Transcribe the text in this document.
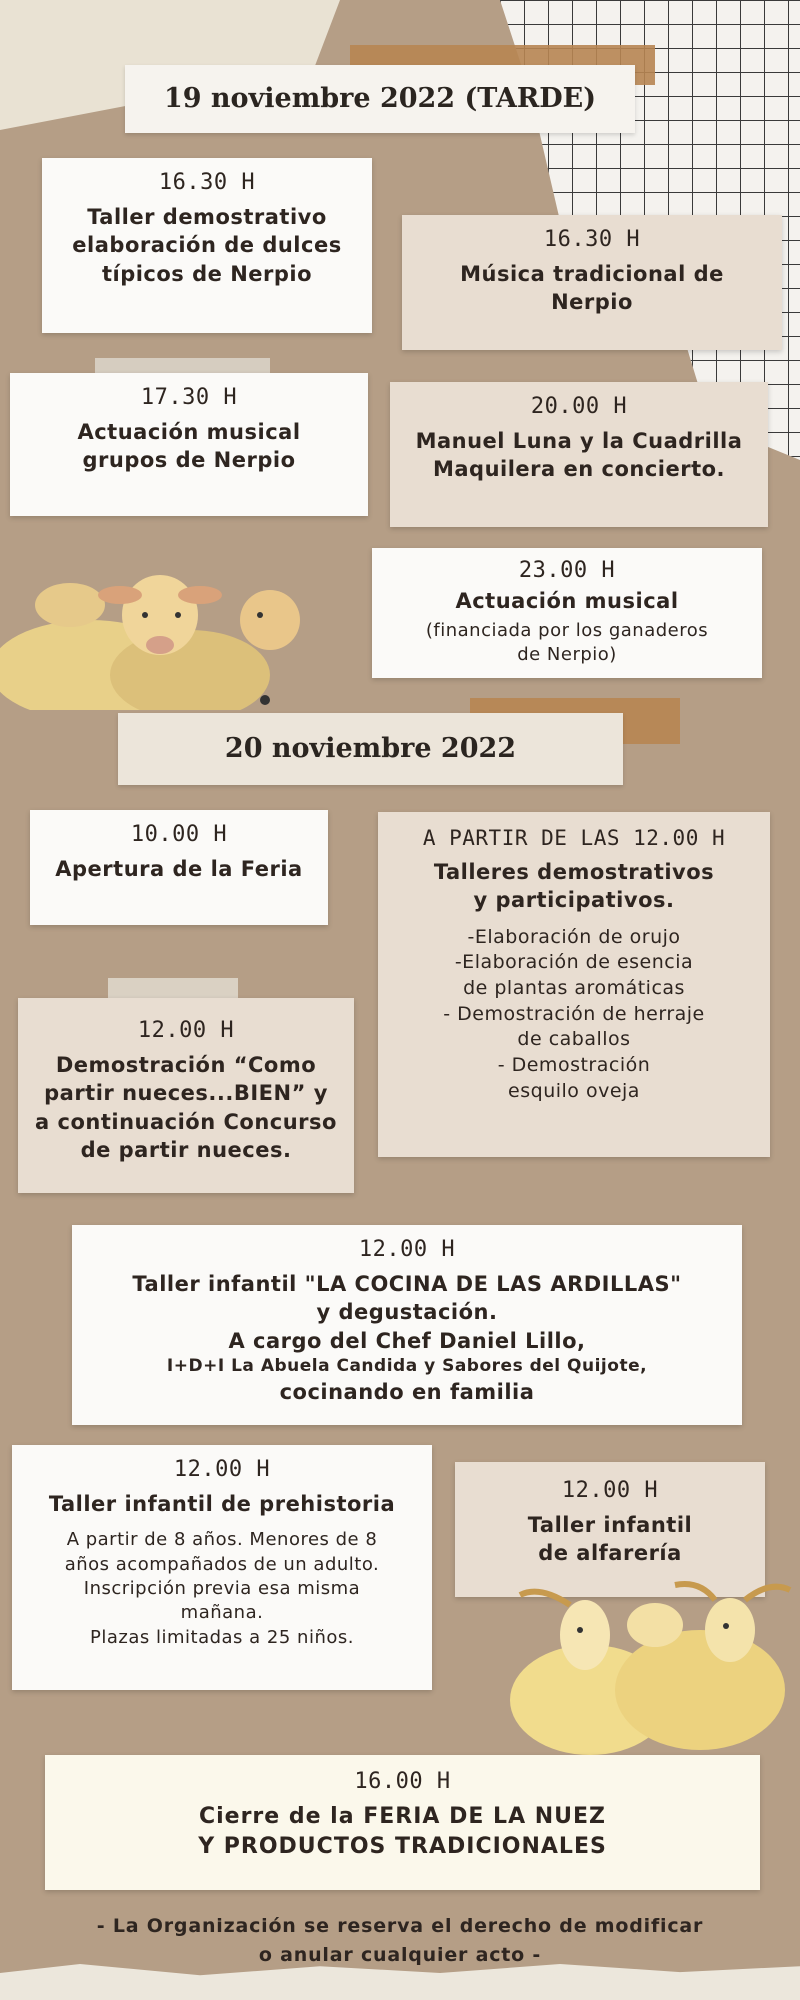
19 noviembre 2022 (TARDE)
16.30 H
Taller demostrativo
elaboración de dulces
típicos de Nerpio
16.30 H
Música tradicional de
Nerpio
17.30 H
Actuación musical
grupos de Nerpio
20.00 H
Manuel Luna y la Cuadrilla
Maquilera en concierto.
23.00 H
Actuación musical
(financiada por los ganaderos
de Nerpio)
20 noviembre 2022
10.00 H
Apertura de la Feria
A PARTIR DE LAS 12.00 H
Talleres demostrativos
y participativos.
-Elaboración de orujo
-Elaboración de esencia
de plantas aromáticas
- Demostración de herraje
de caballos
- Demostración
esquilo oveja
12.00 H
Demostración “Como
partir nueces...BIEN” y
a continuación Concurso
de partir nueces.
12.00 H
Taller infantil "LA COCINA DE LAS ARDILLAS"
y degustación.
A cargo del Chef Daniel Lillo,
I+D+I La Abuela Candida y Sabores del Quijote,
cocinando en familia
12.00 H
Taller infantil de prehistoria
A partir de 8 años. Menores de 8
años acompañados de un adulto.
Inscripción previa esa misma
mañana.
Plazas limitadas a 25 niños.
12.00 H
Taller infantil
de alfarería
16.00 H
Cierre de la FERIA DE LA NUEZ
Y PRODUCTOS TRADICIONALES
- La Organización se reserva el derecho de modificar
o anular cualquier acto -
